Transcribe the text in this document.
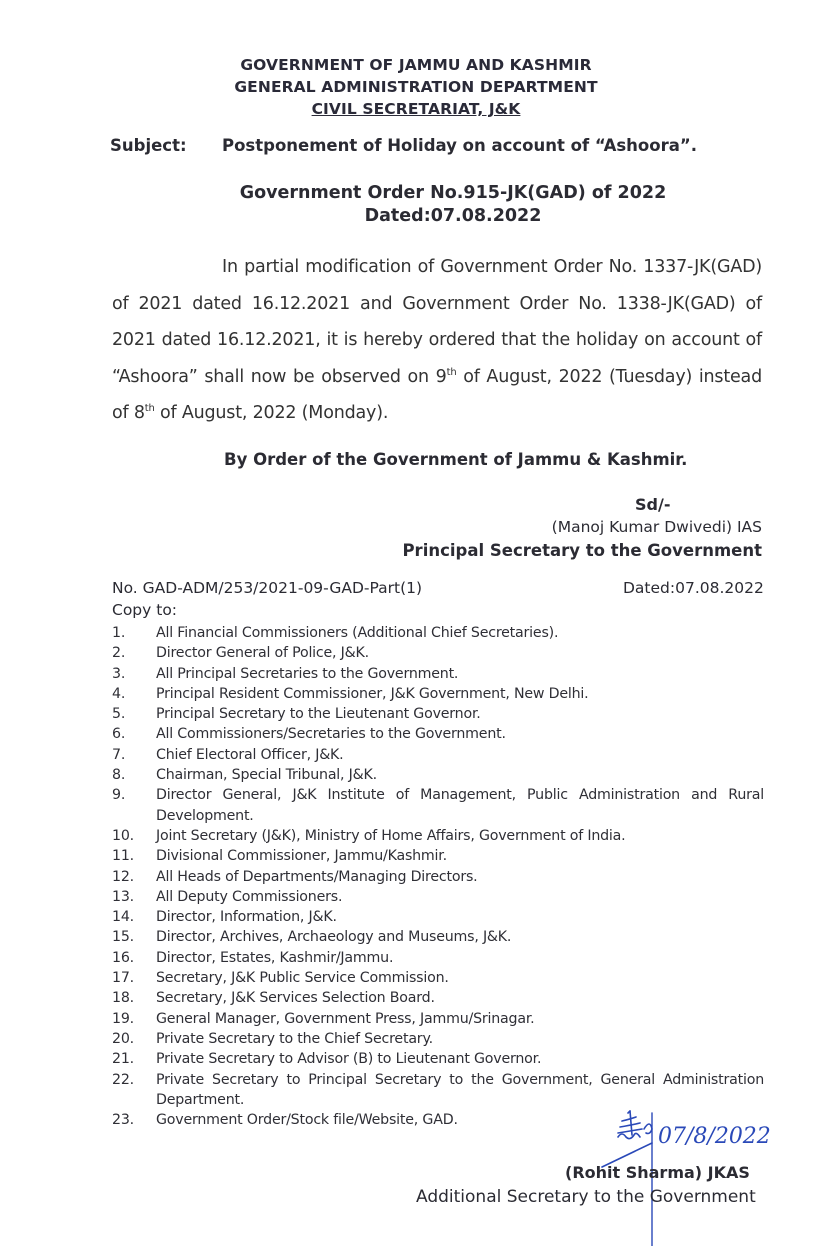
GOVERNMENT OF JAMMU AND KASHMIR
GENERAL ADMINISTRATION DEPARTMENT
CIVIL SECRETARIAT, J&K
Subject: Postponement of Holiday on account of “Ashoora”.
Government Order No.915-JK(GAD) of 2022
Dated:07.08.2022
In partial modification of Government Order No. 1337-JK(GAD) of 2021 dated 16.12.2021 and Government Order No. 1338-JK(GAD) of 2021 dated 16.12.2021, it is hereby ordered that the holiday on account of “Ashoora” shall now be observed on 9th of August, 2022 (Tuesday) instead of 8th of August, 2022 (Monday).
By Order of the Government of Jammu & Kashmir.
Sd/-
(Manoj Kumar Dwivedi) IAS
Principal Secretary to the Government
No. GAD-ADM/253/2021-09-GAD-Part(1)	Dated:07.08.2022
Copy to:
1.	All Financial Commissioners (Additional Chief Secretaries).
2.	Director General of Police, J&K.
3.	All Principal Secretaries to the Government.
4.	Principal Resident Commissioner, J&K Government, New Delhi.
5.	Principal Secretary to the Lieutenant Governor.
6.	All Commissioners/Secretaries to the Government.
7.	Chief Electoral Officer, J&K.
8.	Chairman, Special Tribunal, J&K.
9.	Director General, J&K Institute of Management, Public Administration and Rural Development.
10.	Joint Secretary (J&K), Ministry of Home Affairs, Government of India.
11.	Divisional Commissioner, Jammu/Kashmir.
12.	All Heads of Departments/Managing Directors.
13.	All Deputy Commissioners.
14.	Director, Information, J&K.
15.	Director, Archives, Archaeology and Museums, J&K.
16.	Director, Estates, Kashmir/Jammu.
17.	Secretary, J&K Public Service Commission.
18.	Secretary, J&K Services Selection Board.
19.	General Manager, Government Press, Jammu/Srinagar.
20.	Private Secretary to the Chief Secretary.
21.	Private Secretary to Advisor (B) to Lieutenant Governor.
22.	Private Secretary to Principal Secretary to the Government, General Administration Department.
23.	Government Order/Stock file/Website, GAD.
07/8/2022
(Rohit Sharma) JKAS
Additional Secretary to the Government
